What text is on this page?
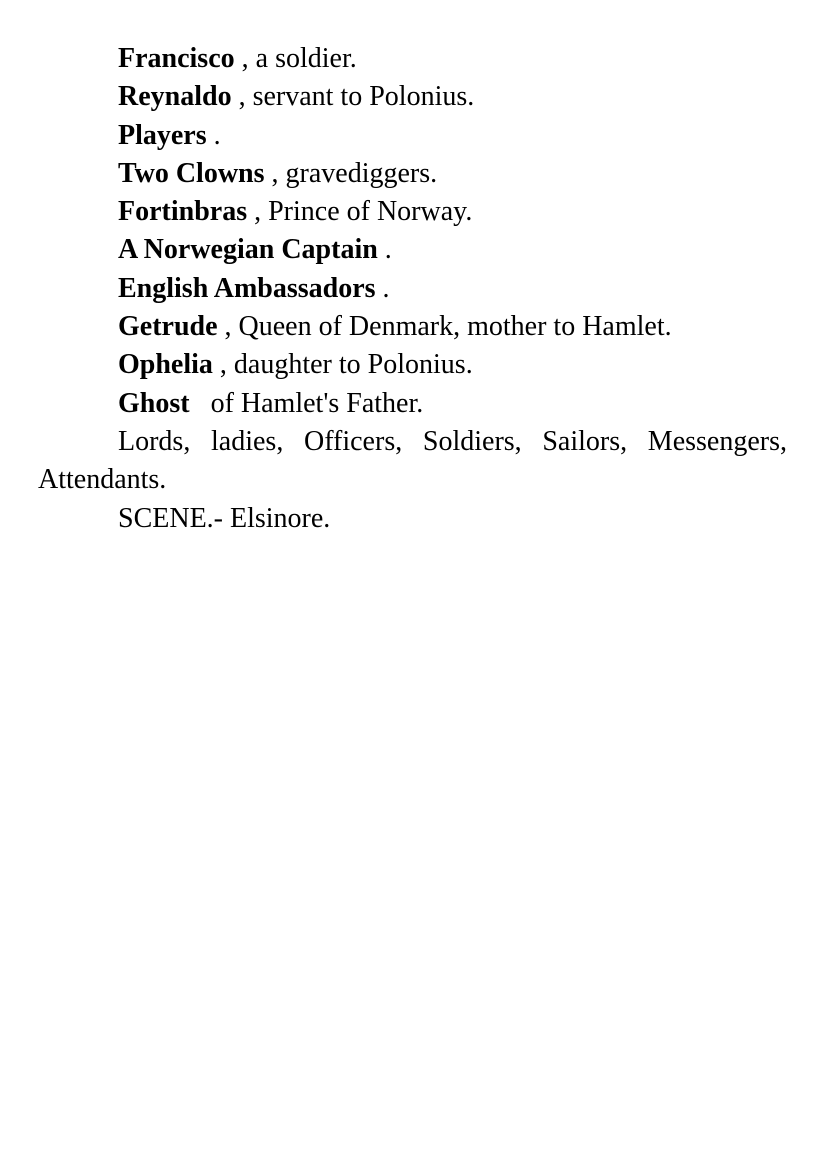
Francisco , a soldier.

Reynaldo , servant to Polonius.

Players .

Two Clowns , gravediggers.

Fortinbras , Prince of Norway.

A Norwegian Captain .

English Ambassadors .

Getrude , Queen of Denmark, mother to Hamlet.

Ophelia , daughter to Polonius.

Ghost   of Hamlet's Father.

Lords, ladies, Officers, Soldiers, Sailors, Messengers, Attendants.

SCENE.- Elsinore.
